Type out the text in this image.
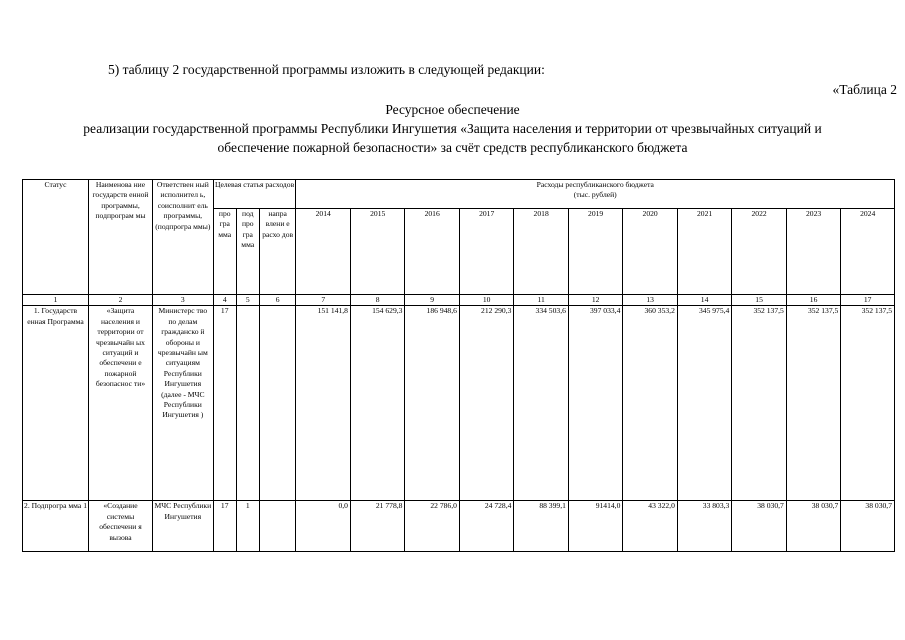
5) таблицу 2 государственной программы изложить в следующей редакции:
«Таблица 2
Ресурсное обеспечение
реализации государственной программы Республики Ингушетия «Защита населения и территории от чрезвычайных ситуаций и
обеспечение пожарной безопасности» за счёт средств республиканского бюджета
Статус	Наименова ние государств енной программы, подпрограм мы	Ответствен ный исполнител ь, соисполнит ель программы, (подпрогра ммы)	Целевая статья расходов			Расходы республиканского бюджета
(тыс. рублей)										

			про гра мма	под про гра мма	напра влени е расхо дов	2014	2015	2016	2017	2018	2019	2020	2021	2022	2023	2024
1	2	3	4	5	6	7	8	9	10	11	12	13	14	15	16	17
1. Государств енная Программа	«Защита населения и территории от чрезвычайн ых ситуаций и обеспечени е пожарной безопаснос ти»	Министерс тво по делам гражданско й обороны и чрезвычайн ым ситуациям Республики Ингушетия (далее - МЧС Республики Ингушетия )	17			151 141,8	154 629,3	186 948,6	212 290,3	334 503,6	397 033,4	360 353,2	345 975,4	352 137,5	352 137,5	352 137,5
2. Подпрогра мма 1	«Создание системы обеспечени я вызова	МЧС Республики Ингушетия	17	1		0,0	21 778,8	22 786,0	24 728,4	88 399,1	91414,0	43 322,0	33 803,3	38 030,7	38 030,7	38 030,7
